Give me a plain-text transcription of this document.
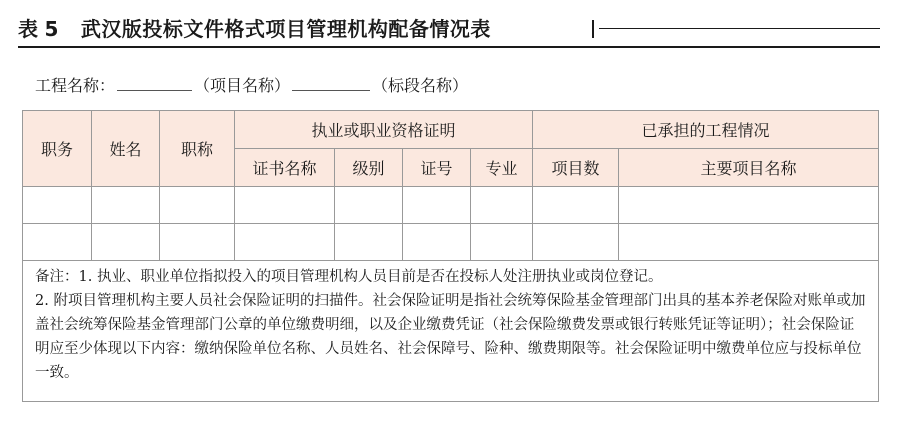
表 5 武汉版投标文件格式项目管理机构配备情况表
工程名称：	（项目名称）	（标段名称）
职务	姓名	职称	执业或职业资格证明				已承担的工程情况	
			证书名称	级别	证号	专业	项目数	主要项目名称

备注：1. 执业、职业单位指拟投入的项目管理机构人员目前是否在投标人处注册执业或岗位登记。
2. 附项目管理机构主要人员社会保险证明的扫描件。社会保险证明是指社会统筹保险基金管理部门出具的基本养老保险对账单或加盖社会统筹保险基金管理部门公章的单位缴费明细，以及企业缴费凭证（社会保险缴费发票或银行转账凭证等证明）；社会保险证明应至少体现以下内容：缴纳保险单位名称、人员姓名、社会保障号、险种、缴费期限等。社会保险证明中缴费单位应与投标单位一致。								
